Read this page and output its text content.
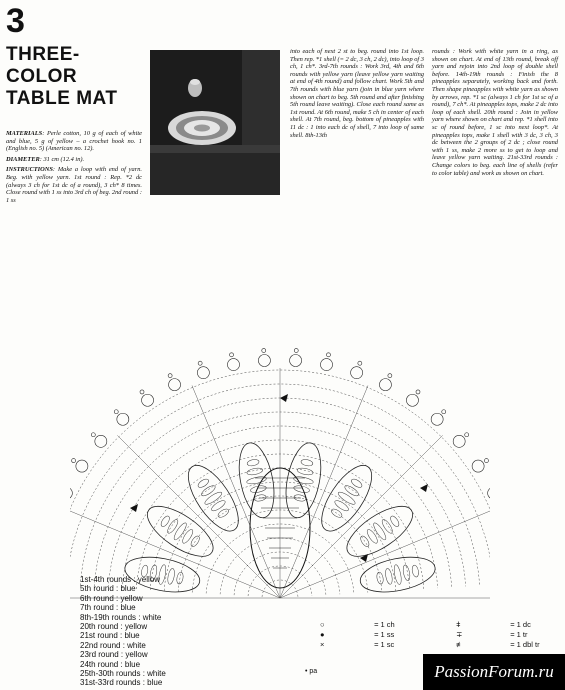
3
THREE-
COLOR
TABLE MAT

MATERIALS: Perle cotton, 10 g of each of white and blue, 5 g of yellow – a crochet hook no. 1 (English no. 5) (American no. 12).

DIAMETER: 31 cm (12.4 in).

INSTRUCTIONS: Make a loop with end of yarn. Beg. with yellow yarn. 1st round : Rep. *2 dc (always 3 ch for 1st dc of a round), 3 ch* 8 times. Close round with 1 ss into 3rd ch of beg. 2nd round : 1 ss

into each of next 2 st to beg. round into 1st loop. Then rep. *1 shell (= 2 dc, 3 ch, 2 dc), into loop of 3 ch, 1 ch*. 3rd-7th rounds : Work 3rd, 4th and 6th rounds with yellow yarn (leave yellow yarn waiting at end of 4th round) and follow chart. Work 5th and 7th rounds with blue yarn (join in blue yarn where shown on chart to beg. 5th round and after finishing 5th round leave waiting). Close each round same as 1st round. At 6th round, make 5 ch in center of each shell. At 7th round, beg. bottom of pineapples with 11 dc : 1 into each dc of shell, 7 into loop of same shell. 8th-13th
rounds : Work with white yarn in a ring, as shown on chart. At end of 13th round, break off yarn and rejoin into 2nd loop of double shell before. 14th-19th rounds : Finish the 8 pineapples separately, working back and forth. Then shape pineapples with white yarn as shown by arrows, rep. *1 sc (always 1 ch for 1st sc of a round), 7 ch*. At pineapples tops, make 2 dc into loop of each shell. 20th round : Join in yellow yarn where shown on chart and rep. *1 shell into sc of round before, 1 sc into next loop*. At pineapples tops, make 1 shell with 3 dc, 3 ch, 3 dc between the 2 groups of 2 dc ; close round with 1 ss, make 2 more ss to get to loop and leave yellow yarn waiting. 21st-33rd rounds : Change colors to beg. each line of shells (refer to color table) and work as shown on chart.
1st-4th rounds : yellow
5th round : blue
6th round : yellow
7th round : blue
8th-19th rounds : white
20th round : yellow
21st round : blue
22nd round : white
23rd round : yellow
24th round : blue
25th-30th rounds : white
31st-33rd rounds : blue
○	= 1 ch	ǂ	= 1 dc
●	= 1 ss	∓	= 1 tr
×	= 1 sc	≢	= 1 dbl tr
• pa	PassionForum.ru
